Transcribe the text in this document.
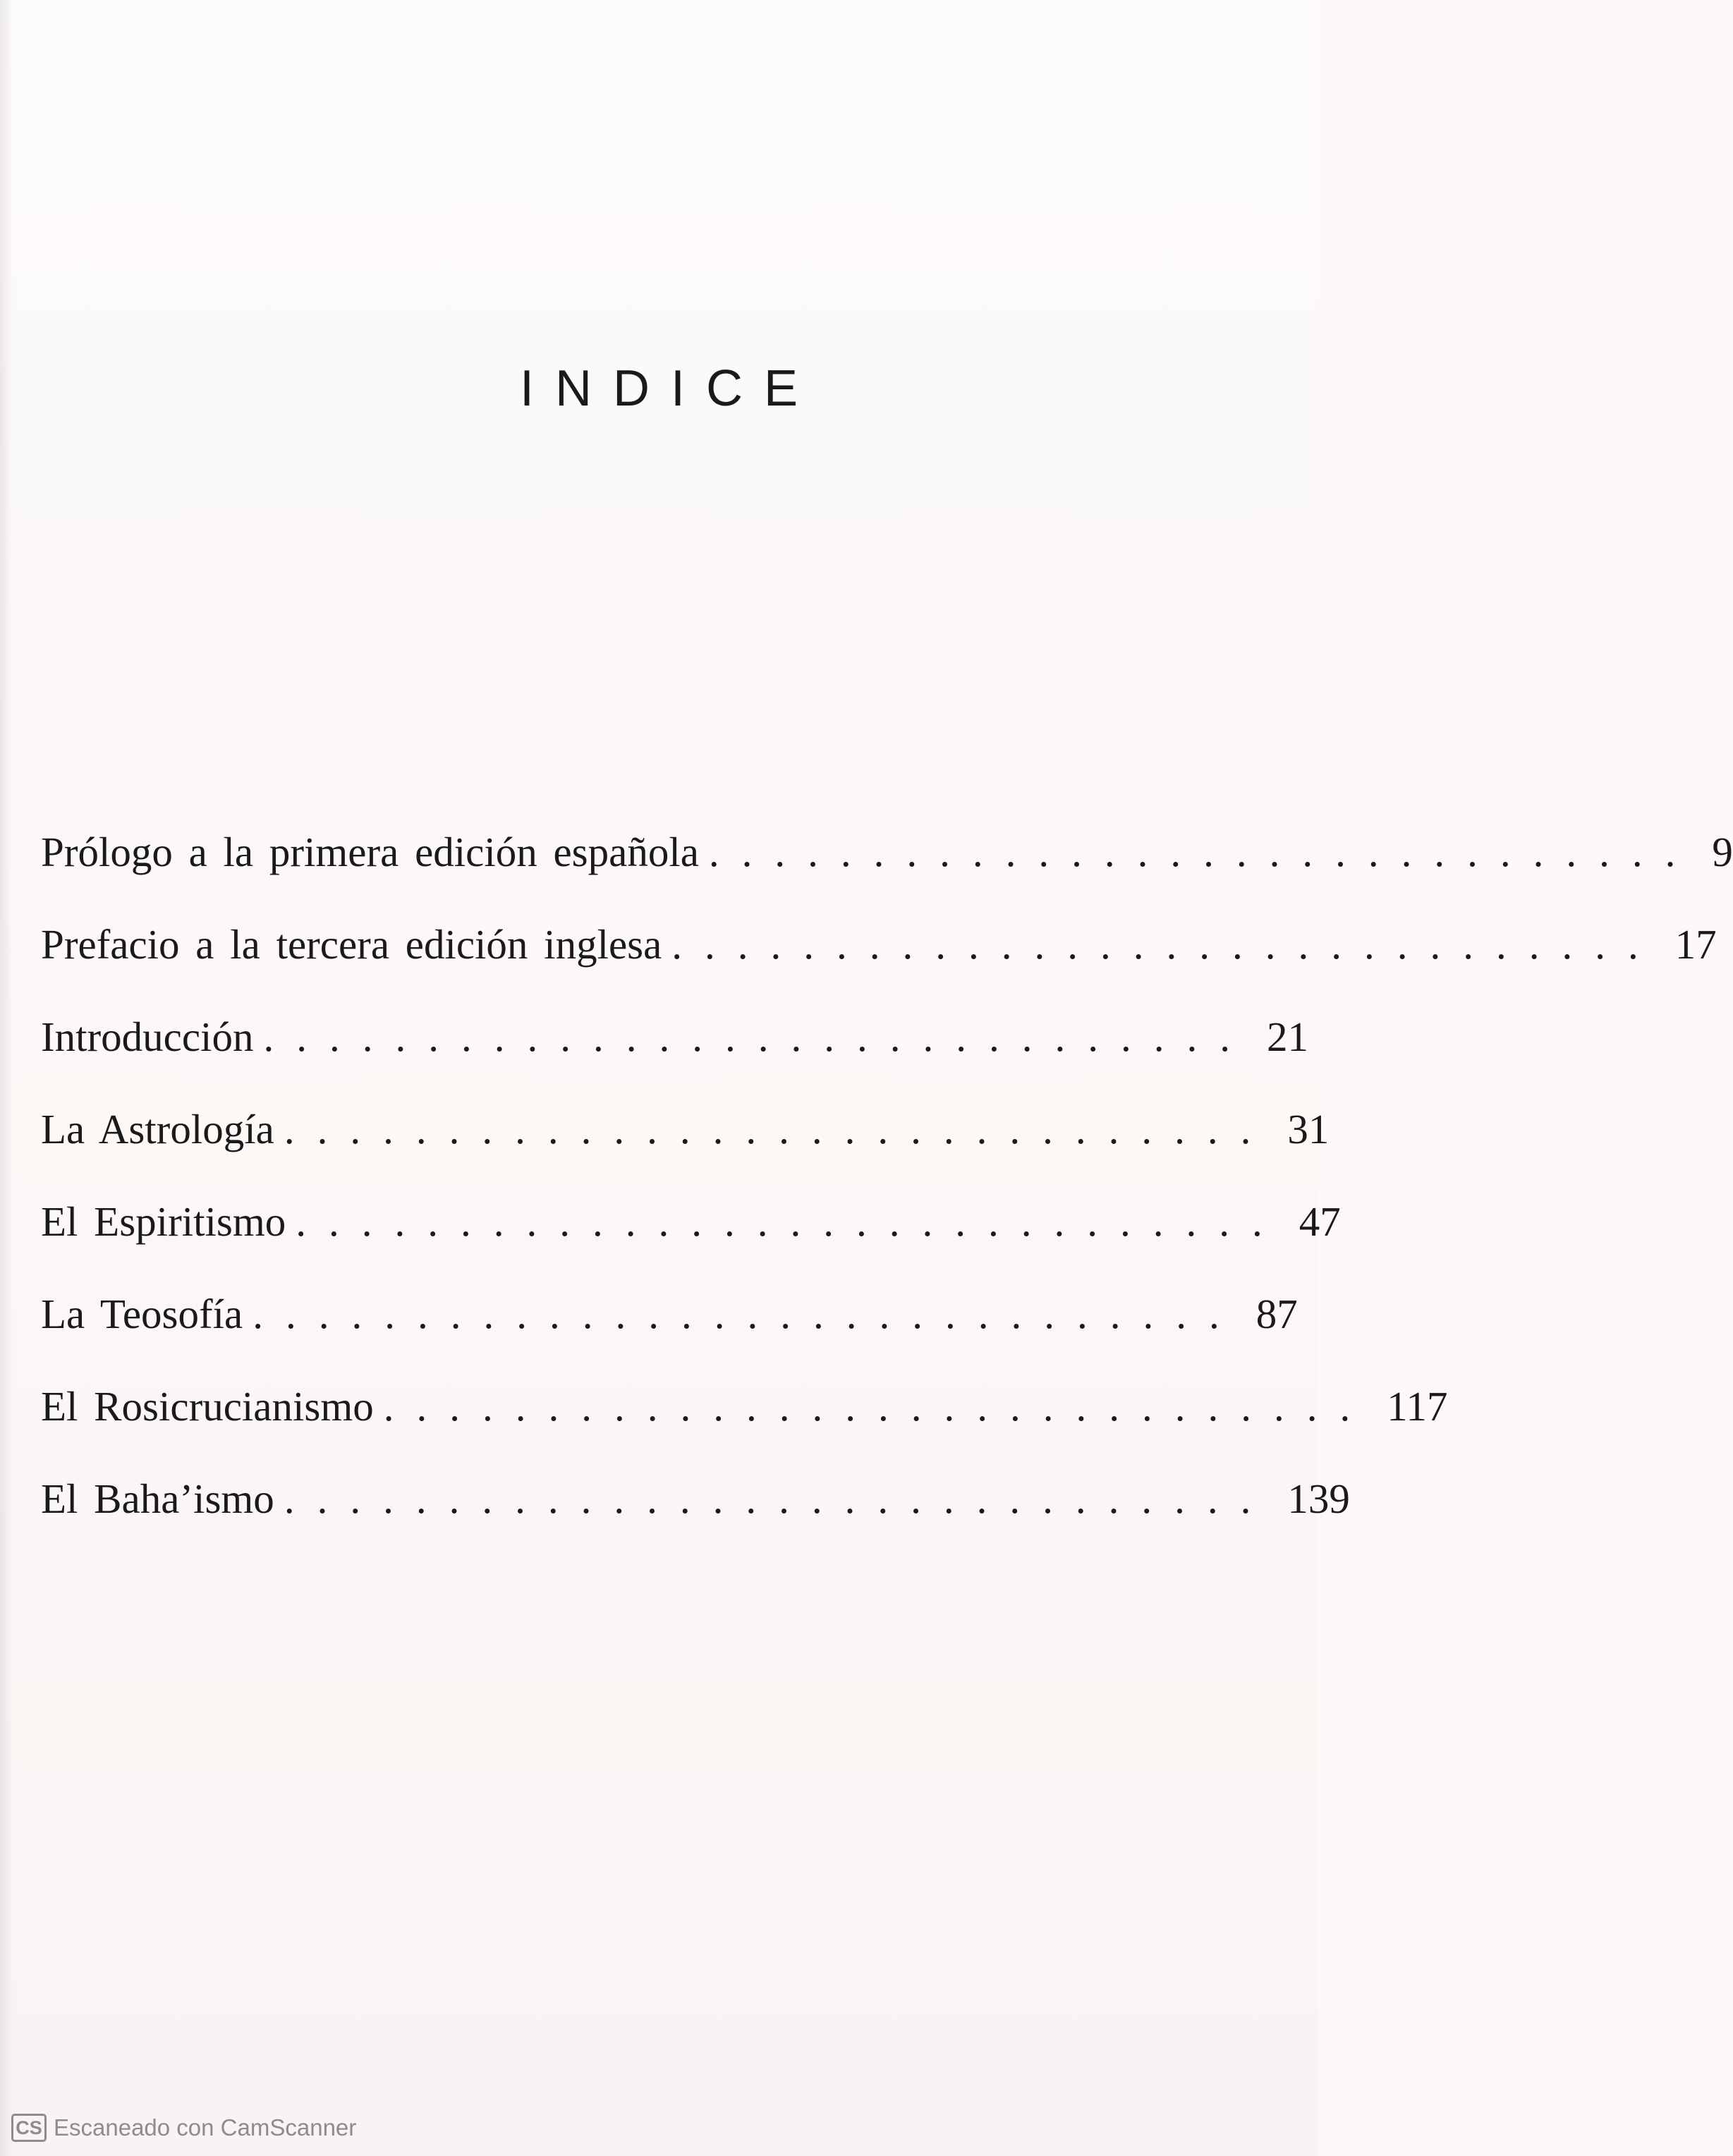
INDICE
Prólogo a la primera edición española .............................. 9
Prefacio a la tercera edición inglesa .............................. 17
Introducción .............................. 21
La Astrología .............................. 31
El Espiritismo .............................. 47
La Teosofía .............................. 87
El Rosicrucianismo .............................. 117
El Baha’ismo .............................. 139
CS Escaneado con CamScanner
